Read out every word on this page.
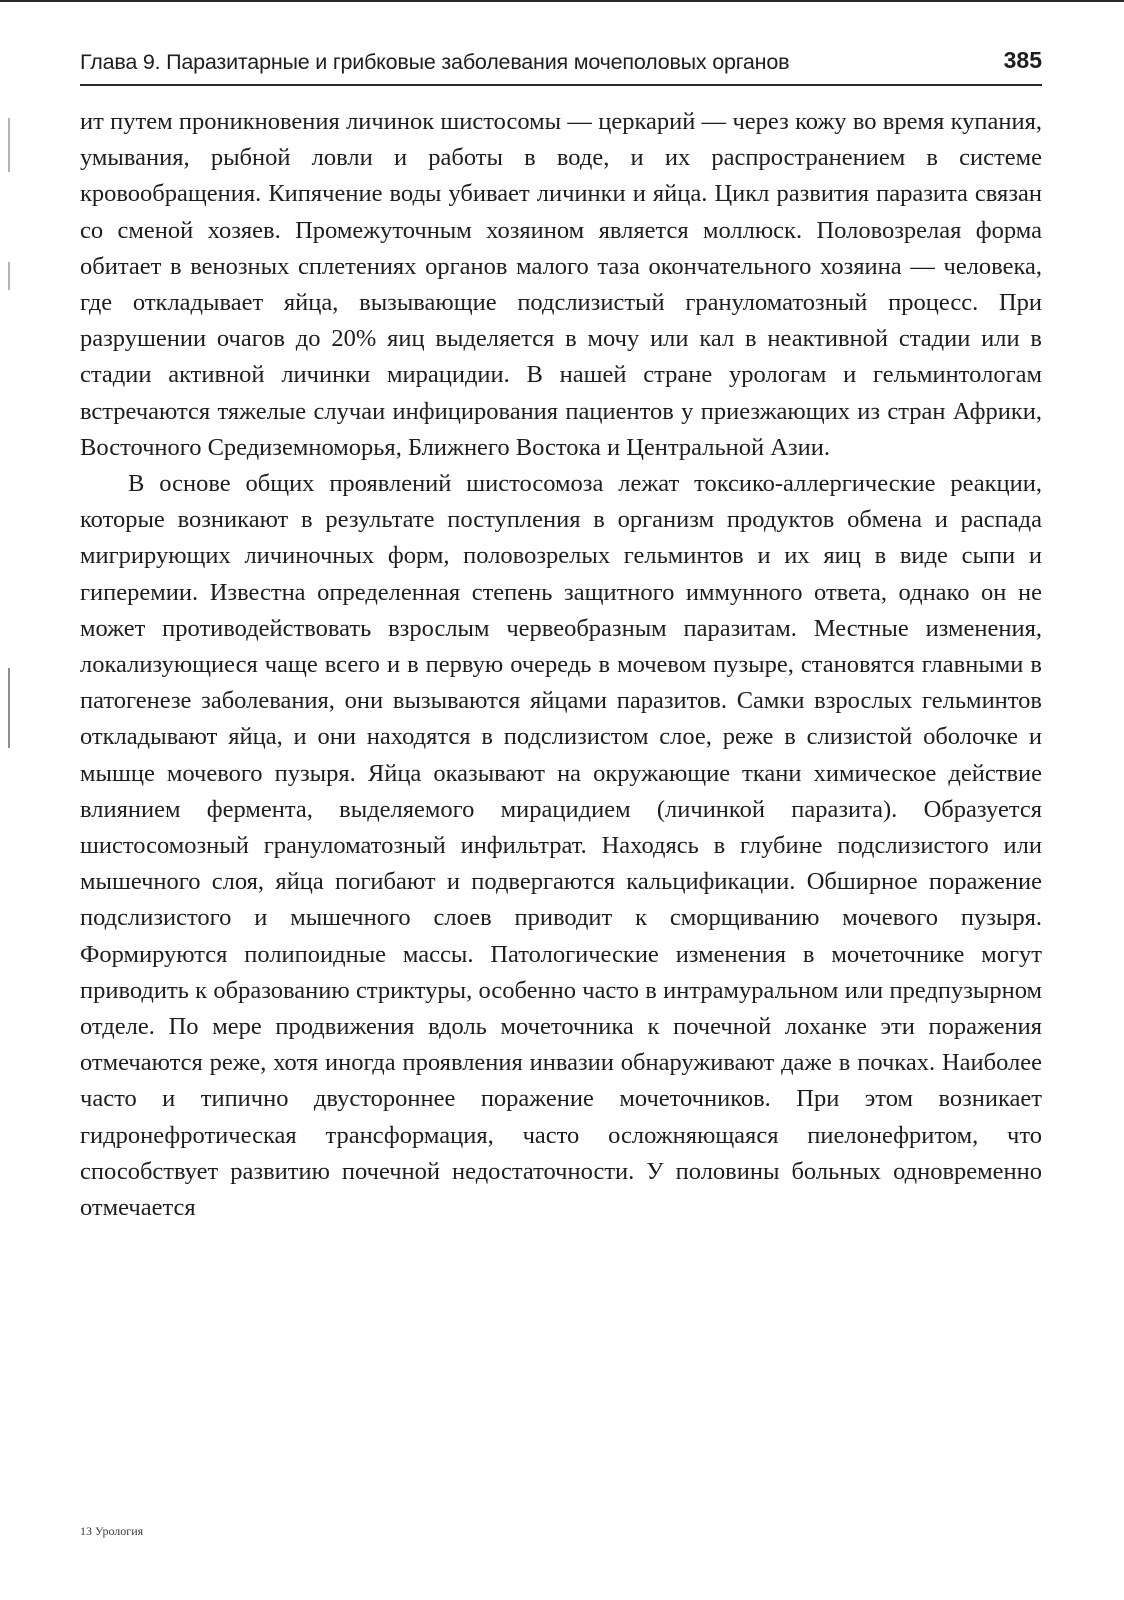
Глава 9. Паразитарные и грибковые заболевания мочеполовых органов	385

ит путем проникновения личинок шистосомы — церкарий — через кожу во время купания, умывания, рыбной ловли и работы в воде, и их распространением в системе кровообращения. Кипячение воды убивает личинки и яйца. Цикл развития паразита связан со сменой хозяев. Промежуточным хозяином является моллюск. Половозрелая форма обитает в венозных сплетениях органов малого таза окончательного хозяина — человека, где откладывает яйца, вызывающие подслизистый грануломатозный процесс. При разрушении очагов до 20% яиц выделяется в мочу или кал в неактивной стадии или в стадии активной личинки мирацидии. В нашей стране урологам и гельминтологам встречаются тяжелые случаи инфицирования пациентов у приезжающих из стран Африки, Восточного Средиземноморья, Ближнего Востока и Центральной Азии.

В основе общих проявлений шистосомоза лежат токсико-аллергические реакции, которые возникают в результате поступления в организм продуктов обмена и распада мигрирующих личиночных форм, половозрелых гельминтов и их яиц в виде сыпи и гиперемии. Известна определенная степень защитного иммунного ответа, однако он не может противодействовать взрослым червеобразным паразитам. Местные изменения, локализующиеся чаще всего и в первую очередь в мочевом пузыре, становятся главными в патогенезе заболевания, они вызываются яйцами паразитов. Самки взрослых гельминтов откладывают яйца, и они находятся в подслизистом слое, реже в слизистой оболочке и мышце мочевого пузыря. Яйца оказывают на окружающие ткани химическое действие влиянием фермента, выделяемого мирацидием (личинкой паразита). Образуется шистосомозный грануломатозный инфильтрат. Находясь в глубине подслизистого или мышечного слоя, яйца погибают и подвергаются кальцификации. Обширное поражение подслизистого и мышечного слоев приводит к сморщиванию мочевого пузыря. Формируются полипоидные массы. Патологические изменения в мочеточнике могут приводить к образованию стриктуры, особенно часто в интрамуральном или предпузырном отделе. По мере продвижения вдоль мочеточника к почечной лоханке эти поражения отмечаются реже, хотя иногда проявления инвазии обнаруживают даже в почках. Наиболее часто и типично двустороннее поражение мочеточников. При этом возникает гидронефротическая трансформация, часто осложняющаяся пиелонефритом, что способствует развитию почечной недостаточности. У половины больных одновременно отмечается

13 Урология
